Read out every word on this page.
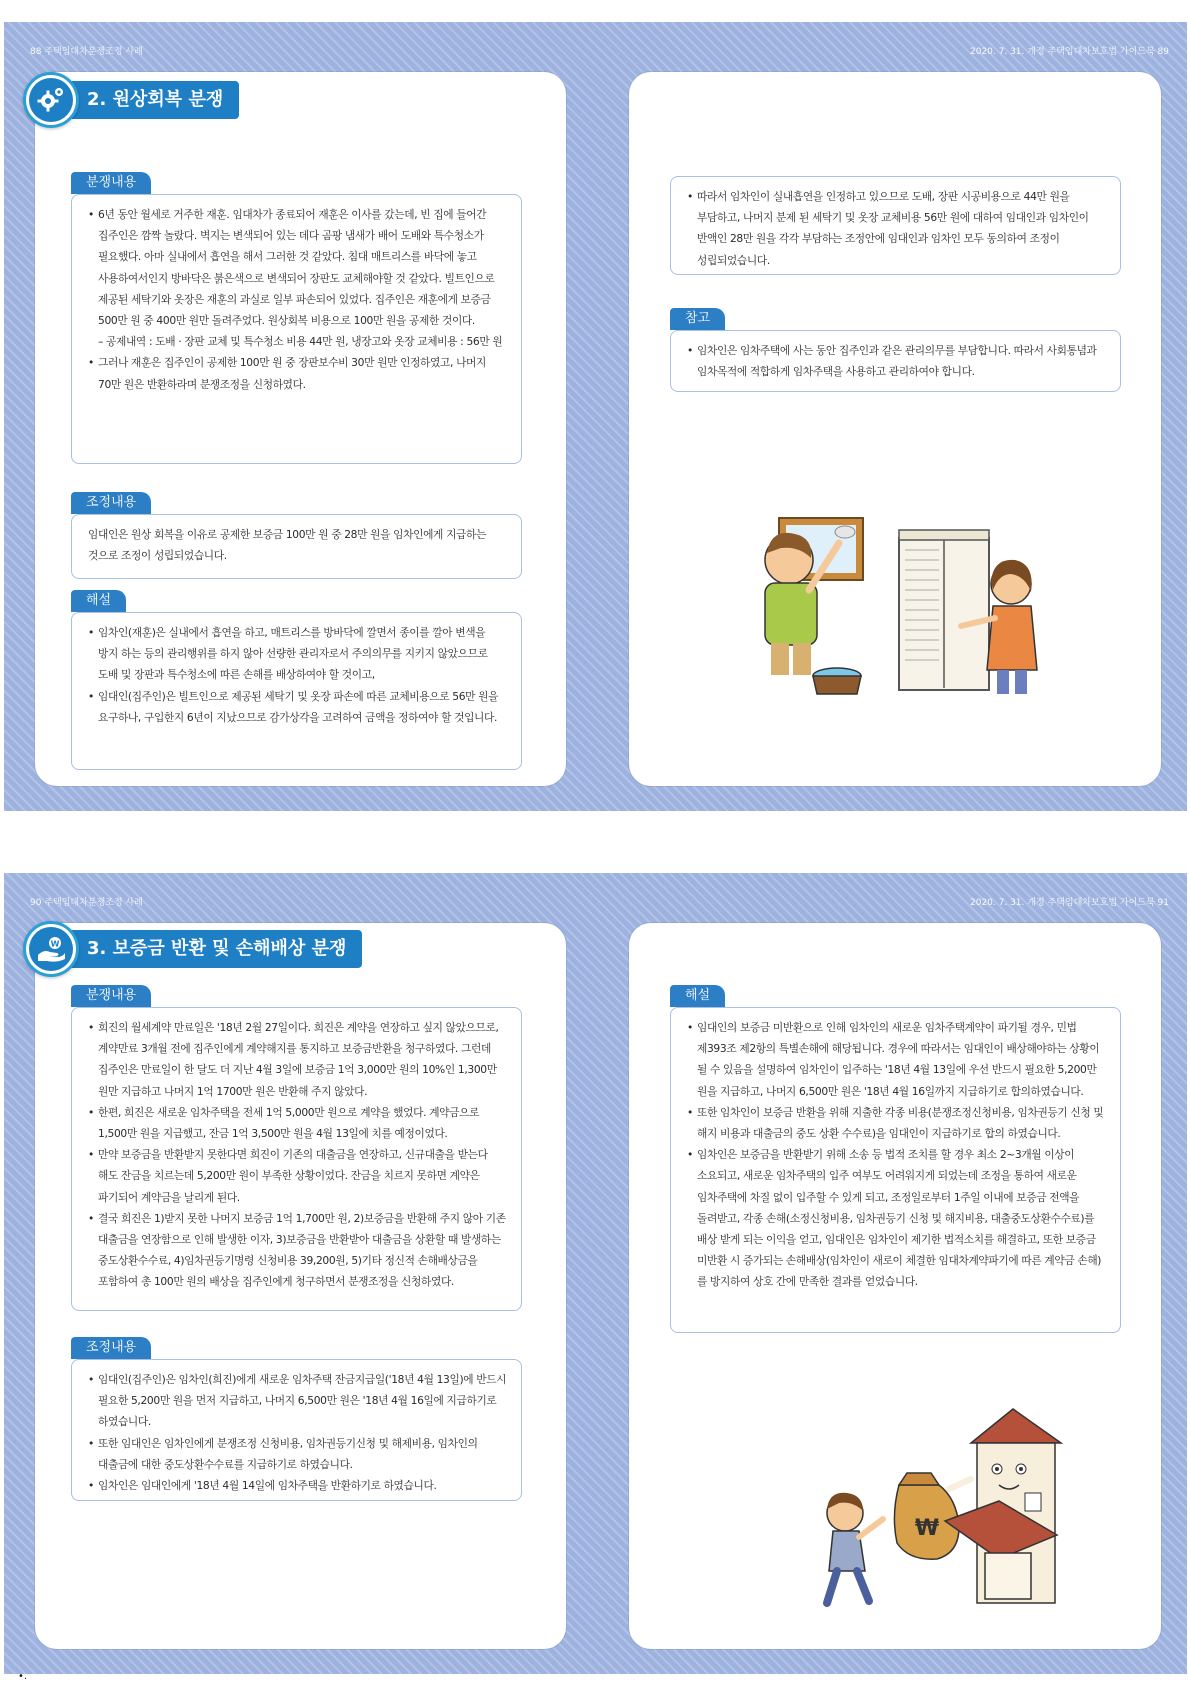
88 주택임대차분쟁조정 사례	2020. 7. 31. 개정 주택임대차보호법 가이드북 89
2. 원상회복 분쟁
분쟁내용
• 6년 동안 월세로 거주한 재훈. 임대차가 종료되어 재훈은 이사를 갔는데, 빈 집에 들어간 집주인은 깜짝 놀랐다. 벽지는 변색되어 있는 데다 곰팡 냄새가 배어 도배와 특수청소가 필요했다. 아마 실내에서 흡연을 해서 그러한 것 같았다. 침대 매트리스를 바닥에 놓고 사용하여서인지 방바닥은 붉은색으로 변색되어 장판도 교체해야할 것 같았다. 빌트인으로 제공된 세탁기와 옷장은 재훈의 과실로 일부 파손되어 있었다. 집주인은 재훈에게 보증금 500만 원 중 400만 원만 돌려주었다. 원상회복 비용으로 100만 원을 공제한 것이다.
– 공제내역 : 도배 · 장판 교체 및 특수청소 비용 44만 원, 냉장고와 옷장 교체비용 : 56만 원
• 그러나 재훈은 집주인이 공제한 100만 원 중 장판보수비 30만 원만 인정하였고, 나머지 70만 원은 반환하라며 분쟁조정을 신청하였다.
조정내용

임대인은 원상 회복을 이유로 공제한 보증금 100만 원 중 28만 원을 임차인에게 지급하는 것으로 조정이 성립되었습니다.

해설
• 임차인(재훈)은 실내에서 흡연을 하고, 매트리스를 방바닥에 깔면서 종이를 깔아 변색을 방지 하는 등의 관리행위를 하지 않아 선량한 관리자로서 주의의무를 지키지 않았으므로 도배 및 장판과 특수청소에 따른 손해를 배상하여야 할 것이고,
• 임대인(집주인)은 빌트인으로 제공된 세탁기 및 옷장 파손에 따른 교체비용으로 56만 원을 요구하나, 구입한지 6년이 지났으므로 감가상각을 고려하여 금액을 정하여야 할 것입니다.
• 따라서 임차인이 실내흡연을 인정하고 있으므로 도배, 장판 시공비용으로 44만 원을 부담하고, 나머지 분제 된 세탁기 및 옷장 교체비용 56만 원에 대하여 임대인과 임차인이 반액인 28만 원을 각각 부담하는 조정안에 임대인과 임차인 모두 동의하여 조정이 성립되었습니다.
참고
• 임차인은 임차주택에 사는 동안 집주인과 같은 관리의무를 부담합니다. 따라서 사회통념과 임차목적에 적합하게 임차주택을 사용하고 관리하여야 합니다.
90 주택임대차분쟁조정 사례	2020. 7. 31. 개정 주택임대차보호법 가이드북 91
W	3. 보증금 반환 및 손해배상 분쟁
분쟁내용
• 희진의 월세계약 만료일은 '18년 2월 27일이다. 희진은 계약을 연장하고 싶지 않았으므로, 계약만료 3개월 전에 집주인에게 계약해지를 통지하고 보증금반환을 청구하였다. 그런데 집주인은 만료일이 한 달도 더 지난 4월 3일에 보증금 1억 3,000만 원의 10%인 1,300만 원만 지급하고 나머지 1억 1700만 원은 반환해 주지 않았다.
• 한편, 희진은 새로운 임차주택을 전세 1억 5,000만 원으로 계약을 했었다. 계약금으로 1,500만 원을 지급했고, 잔금 1억 3,500만 원을 4월 13일에 치를 예정이었다.
• 만약 보증금을 반환받지 못한다면 희진이 기존의 대출금을 연장하고, 신규대출을 받는다 해도 잔금을 치르는데 5,200만 원이 부족한 상황이었다. 잔금을 치르지 못하면 계약은 파기되어 계약금을 날리게 된다.
• 결국 희진은 1)받지 못한 나머지 보증금 1억 1,700만 원, 2)보증금을 반환해 주지 않아 기존 대출금을 연장함으로 인해 발생한 이자, 3)보증금을 반환받아 대출금을 상환할 때 발생하는 중도상환수수료, 4)임차권등기명령 신청비용 39,200원, 5)기타 정신적 손해배상금을 포함하여 총 100만 원의 배상을 집주인에게 청구하면서 분쟁조정을 신청하였다.
조정내용
• 임대인(집주인)은 임차인(희진)에게 새로운 임차주택 잔금지급일('18년 4월 13일)에 반드시 필요한 5,200만 원을 먼저 지급하고, 나머지 6,500만 원은 '18년 4월 16일에 지급하기로 하였습니다.
• 또한 임대인은 임차인에게 분쟁조정 신청비용, 임차권등기신청 및 해제비용, 임차인의 대출금에 대한 중도상환수수료를 지급하기로 하였습니다.
• 임차인은 임대인에게 '18년 4월 14일에 임차주택을 반환하기로 하였습니다.
해설
• 임대인의 보증금 미반환으로 인해 임차인의 새로운 임차주택계약이 파기될 경우, 민법 제393조 제2항의 특별손해에 해당됩니다. 경우에 따라서는 임대인이 배상해야하는 상황이 될 수 있음을 설명하여 임차인이 입주하는 '18년 4월 13일에 우선 반드시 필요한 5,200만 원을 지급하고, 나머지 6,500만 원은 '18년 4월 16일까지 지급하기로 합의하였습니다.
• 또한 임차인이 보증금 반환을 위해 지출한 각종 비용(분쟁조정신청비용, 임차권등기 신청 및 해지 비용과 대출금의 중도 상환 수수료)을 임대인이 지급하기로 합의 하였습니다.
• 임차인은 보증금을 반환받기 위해 소송 등 법적 조치를 할 경우 최소 2~3개월 이상이 소요되고, 새로운 임차주택의 입주 여부도 어려워지게 되었는데 조정을 통하여 새로운 임차주택에 차질 없이 입주할 수 있게 되고, 조정일로부터 1주일 이내에 보증금 전액을 돌려받고, 각종 손해(소정신청비용, 임차권등기 신청 및 해지비용, 대출중도상환수수료)를 배상 받게 되는 이익을 얻고, 임대인은 임차인이 제기한 법적소치를 해결하고, 또한 보증금 미반환 시 증가되는 손해배상(임차인이 새로이 체결한 임대차계약파기에 따른 계약금 손해)를 방지하여 상호 간에 만족한 결과를 얻었습니다.
₩
•.
